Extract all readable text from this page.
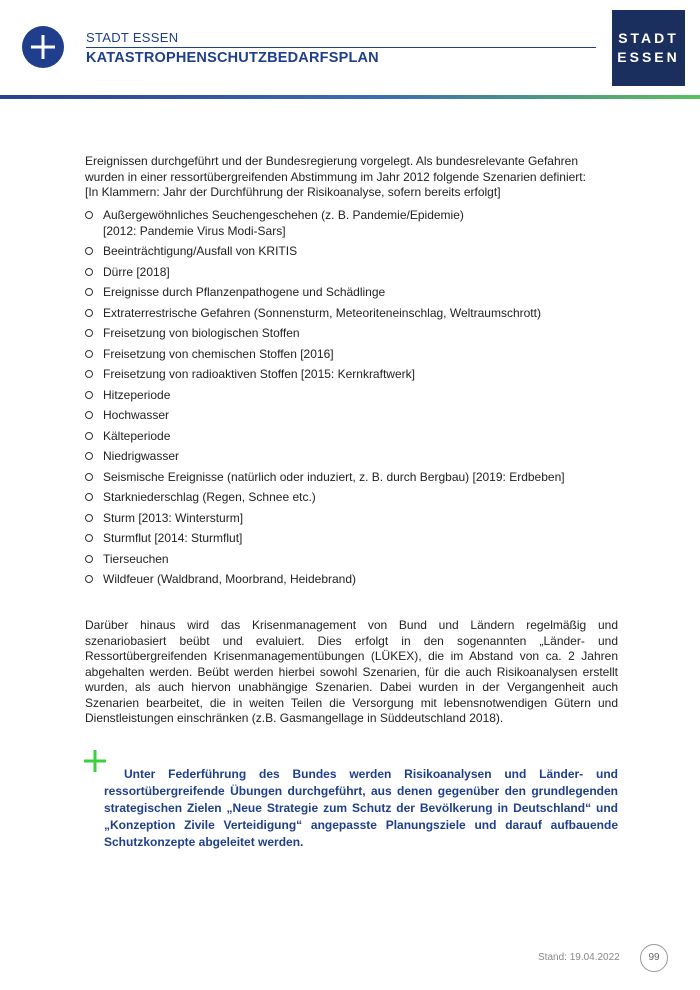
STADT ESSEN
KATASTROPHENSCHUTZBEDARFSPLAN
STADT
ESSEN

Ereignissen durchgeführt und der Bundesregierung vorgelegt. Als bundesrelevante Gefahren wurden in einer ressortübergreifenden Abstimmung im Jahr 2012 folgende Szenarien definiert:

[In Klammern: Jahr der Durchführung der Risikoanalyse, sofern bereits erfolgt]

Außergewöhnliches Seuchengeschehen (z. B. Pandemie/Epidemie)
[2012: Pandemie Virus Modi-Sars]
Beeinträchtigung/Ausfall von KRITIS
Dürre [2018]
Ereignisse durch Pflanzenpathogene und Schädlinge
Extraterrestrische Gefahren (Sonnensturm, Meteoriteneinschlag, Weltraumschrott)
Freisetzung von biologischen Stoffen
Freisetzung von chemischen Stoffen [2016]
Freisetzung von radioaktiven Stoffen [2015: Kernkraftwerk]
Hitzeperiode
Hochwasser
Kälteperiode
Niedrigwasser
Seismische Ereignisse (natürlich oder induziert, z. B. durch Bergbau) [2019: Erdbeben]
Starkniederschlag (Regen, Schnee etc.)
Sturm [2013: Wintersturm]
Sturmflut [2014: Sturmflut]
Tierseuchen
Wildfeuer (Waldbrand, Moorbrand, Heidebrand)
Darüber hinaus wird das Krisenmanagement von Bund und Ländern regelmäßig und szenariobasiert beübt und evaluiert. Dies erfolgt in den sogenannten „Länder- und Ressortübergreifenden Krisenmanagementübungen (LÜKEX), die im Abstand von ca. 2 Jahren abgehalten werden. Beübt werden hierbei sowohl Szenarien, für die auch Risikoanalysen erstellt wurden, als auch hiervon unabhängige Szenarien. Dabei wurden in der Vergangenheit auch Szenarien bearbeitet, die in weiten Teilen die Versorgung mit lebensnotwendigen Gütern und Dienstleistungen einschränken (z.B. Gasmangellage in Süddeutschland 2018).
Unter Federführung des Bundes werden Risikoanalysen und Länder- und ressortübergreifende Übungen durchgeführt, aus denen gegenüber den grundlegenden strategischen Zielen „Neue Strategie zum Schutz der Bevölkerung in Deutschland“ und „Konzeption Zivile Verteidigung“ angepasste Planungsziele und darauf aufbauende Schutzkonzepte abgeleitet werden.
Stand: 19.04.2022	99
